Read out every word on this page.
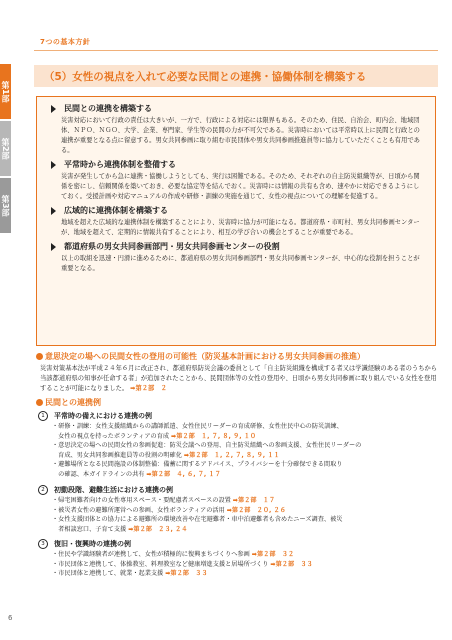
7つの基本方針
第1部
第2部
第3部
（5）女性の視点を入れて必要な民間との連携・協働体制を構築する
民間との連携を構築する
災害対応において行政の責任は大きいが、一方で、行政による対応には限界もある。そのため、住民、自治会、町内会、地域団体、ＮＰＯ、ＮＧＯ、大学、企業、専門家、学生等の民間の力が不可欠である。災害時においては平常時以上に民間と行政との連携が重要となる点に留意する。男女共同参画に取り組む市民団体や男女共同参画推進員等に協力していただくことも有用である。
平常時から連携体制を整備する
災害が発生してから急に連携・協働しようとしても、実行は困難である。そのため、それぞれの自主防災組織等が、日頃から関係を密にし、信頼関係を築いておき、必要な協定等を結んでおく。災害時には情報の共有も含め、速やかに対応できるようにしておく。受援計画や対応マニュアルの作成や研修・訓練の実施を通じて、女性の視点についての理解を促進する。
広域的に連携体制を構築する
地域を超えた広域的な連携体制を構築することにより、災害時に協力が可能になる。都道府県・市町村、男女共同参画センターが、地域を超えて、定期的に情報共有することにより、相互の学び合いの機会とすることが重要である。
都道府県の男女共同参画部門・男女共同参画センターの役割
以上の取組を迅速・円滑に進めるために、都道府県の男女共同参画部門・男女共同参画センターが、中心的な役割を担うことが重要となる。
意思決定の場への民間女性の登用の可能性（防災基本計画における男女共同参画の推進）
災害対策基本法が平成２４年６月に改正され、都道府県防災会議の委員として「自主防災組織を構成する者又は学識経験のある者のうちから当該都道府県の知事が任命する者」が追加されたことから、民間団体等の女性の登用や、日頃から男女共同参画に取り組んでいる女性を登用することが可能になりました。 ➡第２部　２
民間との連携例
1	平常時の備えにおける連携の例
・研修・訓練：女性支援組織からの講師派遣、女性住民リーダーの育成研修、女性住民中心の防災訓練、
　女性の視点を持ったボランティアの育成 ➡第２部　１, ７, ８, ９, １０
・意思決定の場への民間女性の参画促進：防災会議への登用、自主防災組織への参画支援、女性住民リーダーの
　育成、男女共同参画推進員等の役割の明確化 ➡第２部　１, ２, ７, ８, ９, １１
・避難場所となる民間施設の体制整備：備蓄に関するアドバイス、プライバシーを十分確保できる間取り
　の確認、本ガイドラインの共有 ➡第２部　４, ６, ７, １７
2	初動段階、避難生活における連携の例
・帰宅困難者向けの女性専用スペース・要配慮者スペースの設置 ➡第２部　１７
・被災者女性の避難所運営への参画、女性ボランティアの活用 ➡第２部　２０, ２６
・女性支援団体との協力による避難所の環境改善や在宅避難者・車中泊避難者も含めたニーズ調査、被災
　者相談窓口、子育て支援 ➡第２部　２３, ２４
3	復旧・復興時の連携の例
・住民や学識経験者が連携して、女性が積極的に復興まちづくりへ参画 ➡第２部　３２
・市民団体と連携して、体操教室、料理教室など健康増進支援と居場所づくり ➡第２部　３３
・市民団体と連携して、就業・起業支援 ➡第２部　３３
6
